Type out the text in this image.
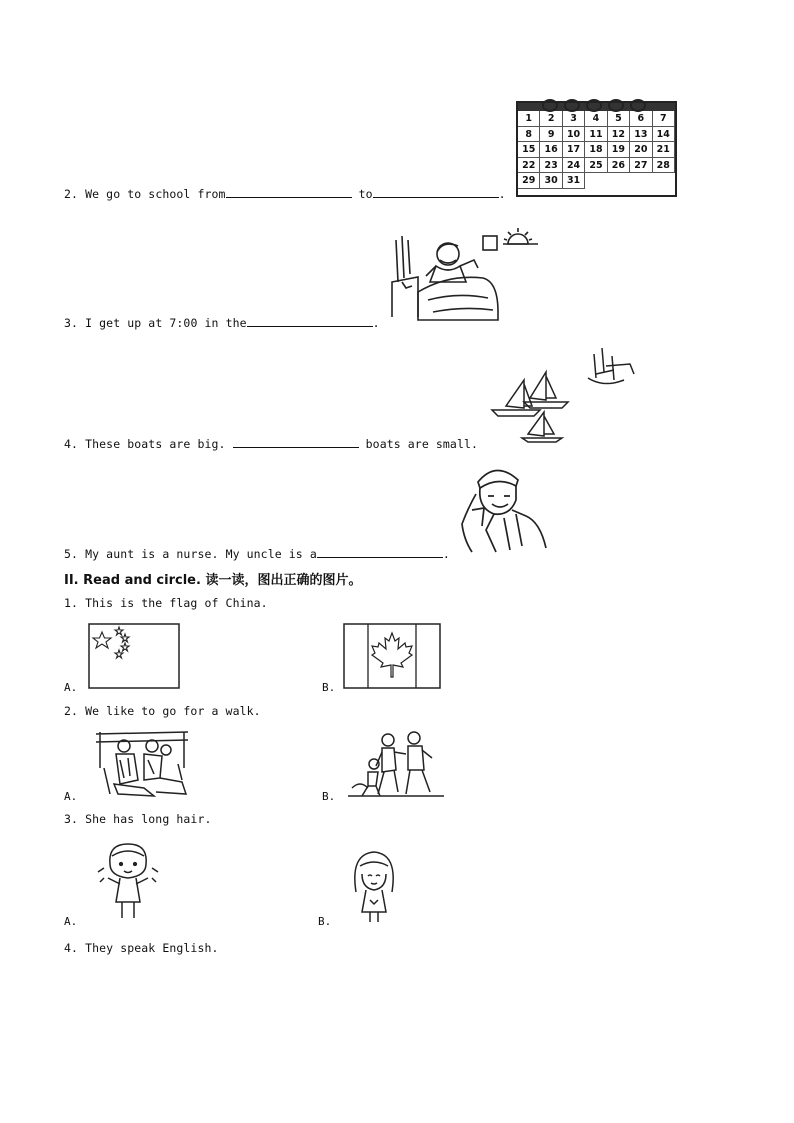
1	2	3	4	5	6	7
8	9	10 11 12 13 14
15 16 17 18 19 20 21
22 23 24 25 26 27 28
29 30 31
2. We go to school from	to	.
3. I get up at 7:00 in the	.
4. These boats are big.	boats are small.
5. My aunt is a nurse. My uncle is a	.
II. Read and circle. 读一读，图出正确的图片。
1. This is the flag of China.
A.	B.
2. We like to go for a walk.
A.	B.
3. She has long hair.
A.	B.
4. They speak English.
